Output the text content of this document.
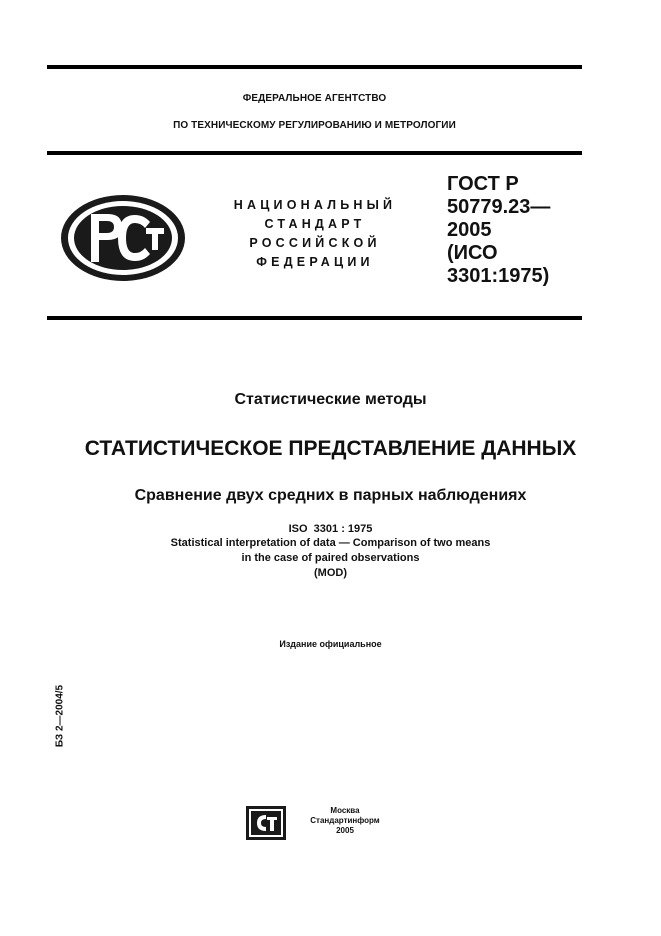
ФЕДЕРАЛЬНОЕ АГЕНТСТВО
ПО ТЕХНИЧЕСКОМУ РЕГУЛИРОВАНИЮ И МЕТРОЛОГИИ
НАЦИОНАЛЬНЫЙ
СТАНДАРТ
РОССИЙСКОЙ
ФЕДЕРАЦИИ
ГОСТ Р
50779.23—
2005
(ИСО
3301:1975)
Статистические методы
СТАТИСТИЧЕСКОЕ ПРЕДСТАВЛЕНИЕ ДАННЫХ
Сравнение двух средних в парных наблюдениях
ISO  3301 : 1975
Statistical interpretation of data — Comparison of two means
in the case of paired observations
(MOD)
Издание официальное
БЗ 2—2004/5
Москва
Стандартинформ
2005
